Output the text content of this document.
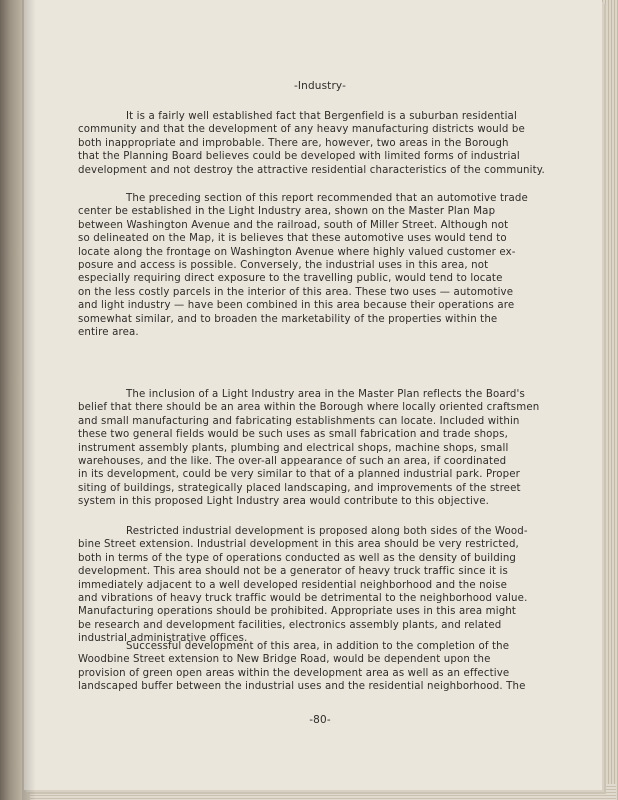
-Industry-

It is a fairly well established fact that Bergenfield is a suburban residential
community and that the development of any heavy manufacturing districts would be
both inappropriate and improbable. There are, however, two areas in the Borough
that the Planning Board believes could be developed with limited forms of industrial
development and not destroy the attractive residential characteristics of the community.

The preceding section of this report recommended that an automotive trade
center be established in the Light Industry area, shown on the Master Plan Map
between Washington Avenue and the railroad, south of Miller Street. Although not
so delineated on the Map, it is believes that these automotive uses would tend to
locate along the frontage on Washington Avenue where highly valued customer ex-
posure and access is possible. Conversely, the industrial uses in this area, not
especially requiring direct exposure to the travelling public, would tend to locate
on the less costly parcels in the interior of this area. These two uses — automotive
and light industry — have been combined in this area because their operations are
somewhat similar, and to broaden the marketability of the properties within the
entire area.

The inclusion of a Light Industry area in the Master Plan reflects the Board's
belief that there should be an area within the Borough where locally oriented craftsmen
and small manufacturing and fabricating establishments can locate. Included within
these two general fields would be such uses as small fabrication and trade shops,
instrument assembly plants, plumbing and electrical shops, machine shops, small
warehouses, and the like. The over-all appearance of such an area, if coordinated
in its development, could be very similar to that of a planned industrial park. Proper
siting of buildings, strategically placed landscaping, and improvements of the street
system in this proposed Light Industry area would contribute to this objective.

Restricted industrial development is proposed along both sides of the Wood-
bine Street extension. Industrial development in this area should be very restricted,
both in terms of the type of operations conducted as well as the density of building
development. This area should not be a generator of heavy truck traffic since it is
immediately adjacent to a well developed residential neighborhood and the noise
and vibrations of heavy truck traffic would be detrimental to the neighborhood value.
Manufacturing operations should be prohibited. Appropriate uses in this area might
be research and development facilities, electronics assembly plants, and related
industrial administrative offices.

Successful development of this area, in addition to the completion of the
Woodbine Street extension to New Bridge Road, would be dependent upon the
provision of green open areas within the development area as well as an effective
landscaped buffer between the industrial uses and the residential neighborhood. The

-80-
